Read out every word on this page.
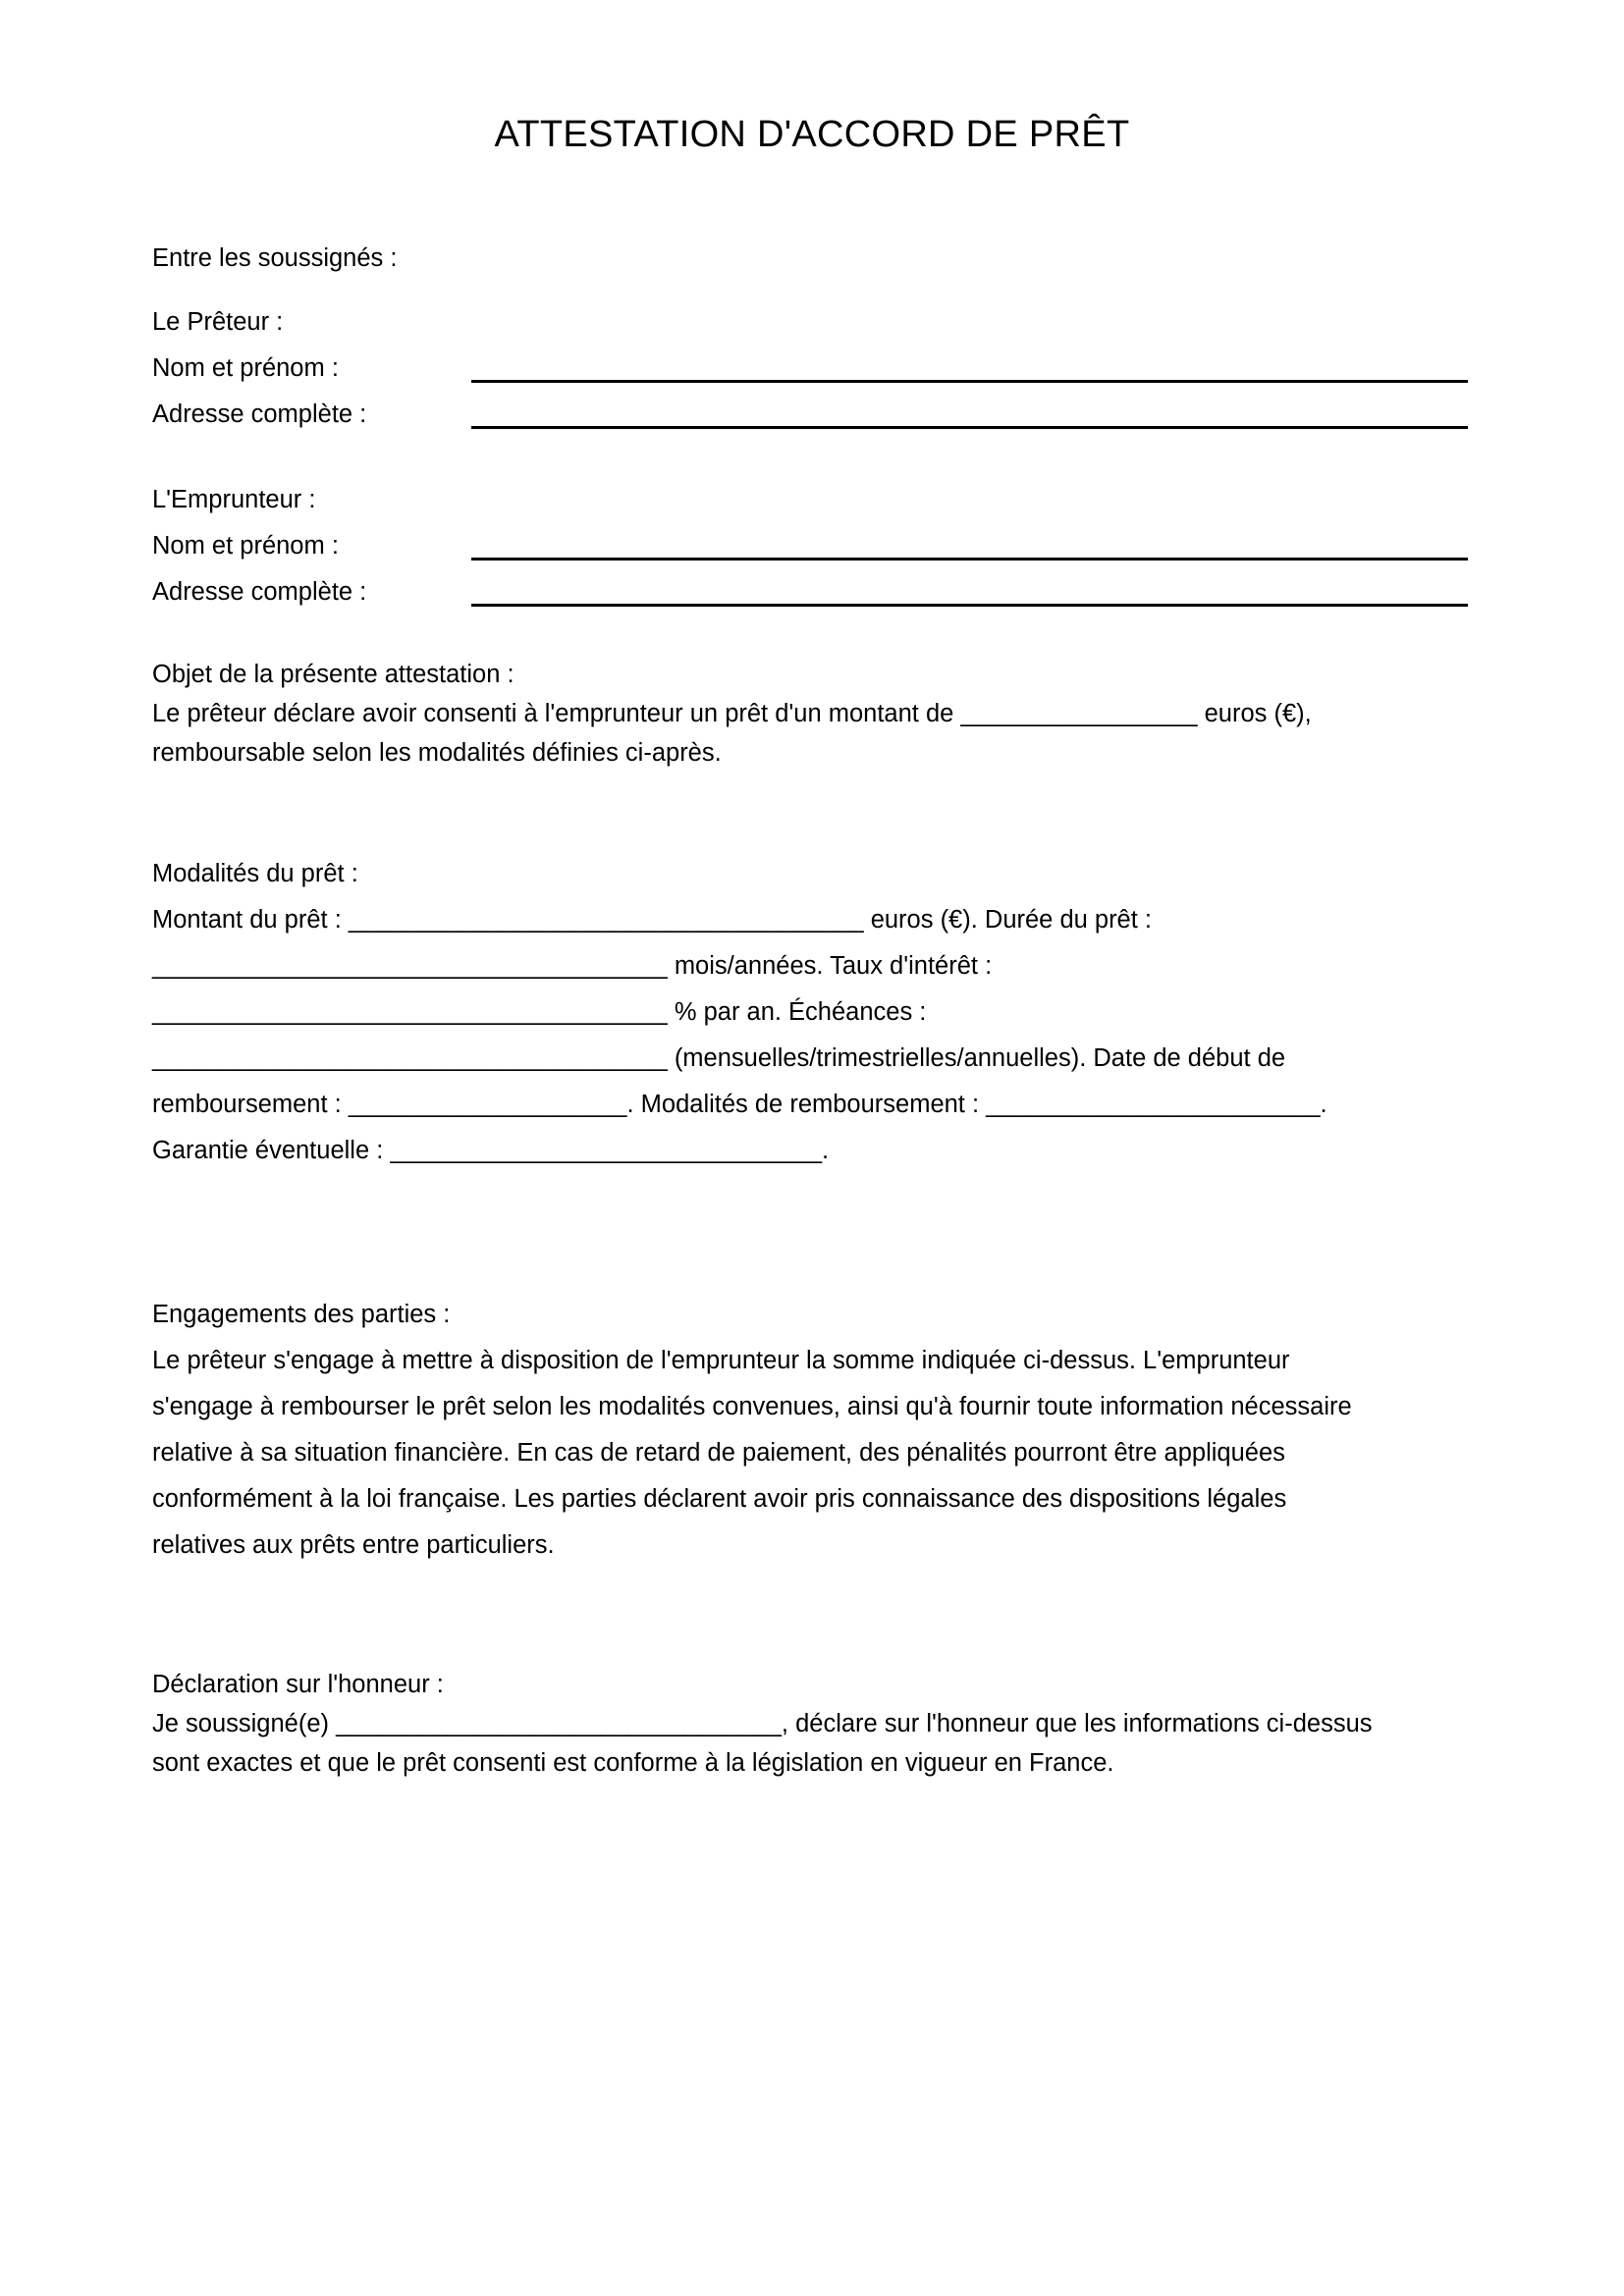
ATTESTATION D'ACCORD DE PRÊT
Entre les soussignés :
Le Prêteur :
Nom et prénom :
Adresse complète :
L'Emprunteur :
Nom et prénom :
Adresse complète :
Objet de la présente attestation :
Le prêteur déclare avoir consenti à l'emprunteur un prêt d'un montant de _________________ euros (€),
remboursable selon les modalités définies ci-après.
Modalités du prêt :
Montant du prêt : _____________________________________ euros (€). Durée du prêt :
_____________________________________ mois/années. Taux d'intérêt :
_____________________________________ % par an. Échéances :
_____________________________________ (mensuelles/trimestrielles/annuelles). Date de début de
remboursement : ____________________. Modalités de remboursement : ________________________.
Garantie éventuelle : _______________________________.
Engagements des parties :
Le prêteur s'engage à mettre à disposition de l'emprunteur la somme indiquée ci-dessus. L'emprunteur
s'engage à rembourser le prêt selon les modalités convenues, ainsi qu'à fournir toute information nécessaire
relative à sa situation financière. En cas de retard de paiement, des pénalités pourront être appliquées
conformément à la loi française. Les parties déclarent avoir pris connaissance des dispositions légales
relatives aux prêts entre particuliers.
Déclaration sur l'honneur :
Je soussigné(e) ________________________________, déclare sur l'honneur que les informations ci-dessus
sont exactes et que le prêt consenti est conforme à la législation en vigueur en France.
